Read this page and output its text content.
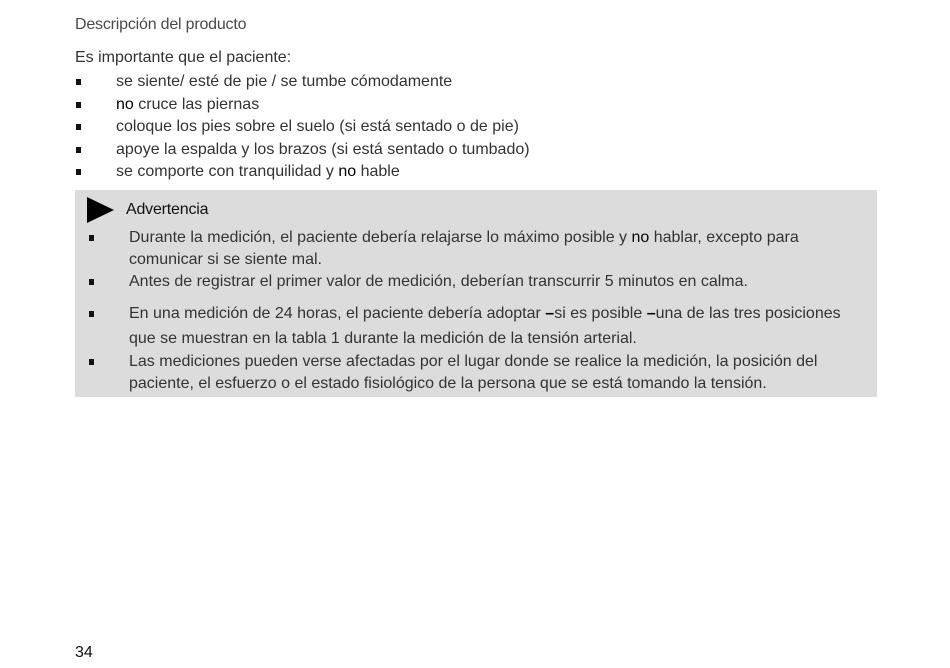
Descripción del producto
Es importante que el paciente:
se siente/ esté de pie / se tumbe cómodamente
no cruce las piernas
coloque los pies sobre el suelo (si está sentado o de pie)
apoye la espalda y los brazos (si está sentado o tumbado)
se comporte con tranquilidad y no hable
Advertencia
Durante la medición, el paciente debería relajarse lo máximo posible y no hablar, excepto para comunicar si se siente mal.
Antes de registrar el primer valor de medición, deberían transcurrir 5 minutos en calma.
En una medición de 24 horas, el paciente debería adoptar –si es posible –una de las tres posiciones que se muestran en la tabla 1 durante la medición de la tensión arterial.
Las mediciones pueden verse afectadas por el lugar donde se realice la medición, la posición del paciente, el esfuerzo o el estado fisiológico de la persona que se está tomando la tensión.
34
